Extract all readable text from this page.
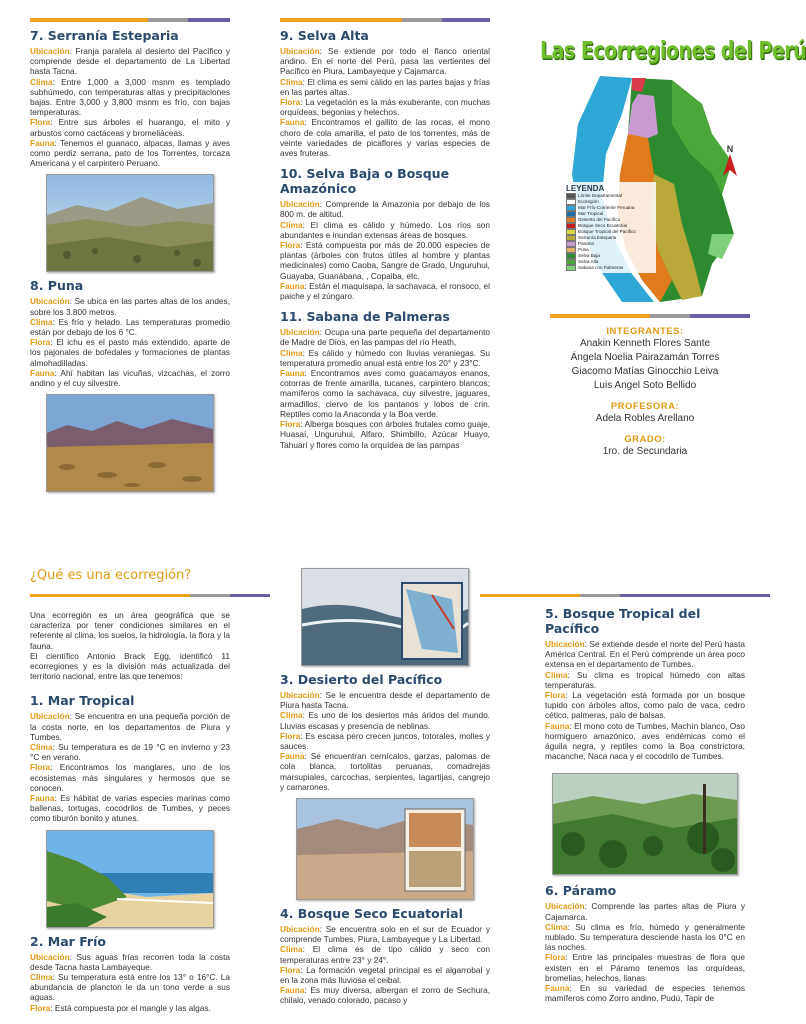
7. Serranía Esteparia

Ubicación: Franja paralela al desierto del Pacífico y comprende desde el departamento de La Libertad hasta Tacna.

Clima: Entre 1,000 a 3,000 msnm es templado subhúmedo, con temperaturas altas y precipitaciones bajas. Entre 3,000 y 3,800 msnm es frío, con bajas temperaturas.

Flora: Entre sus árboles el huarango, el mito y arbustos como cactáceas y bromeliáceas.

Fauna: Tenemos el guanaco, alpacas, llamas y aves como perdiz serrana, pato de los Torrentes, torcaza Americana y el carpintero Peruano.

8. Puna

Ubicación: Se ubica en las partes altas de los andes, sobre los 3.800 metros.

Clima: Es frío y helado. Las temperaturas promedio están por debajo de los 6 °C.

Flora: El ichu es el pasto más extendido, aparte de los pajonales de bofedales y formaciones de plantas almohadilladas.

Fauna: Ahí habitan las vicuñas, vizcachas, el zorro andino y el cuy silvestre.

9. Selva Alta

Ubicación: Se extiende por todo el flanco oriental andino. En el norte del Perú, pasa las vertientes del Pacífico en Piura, Lambayeque y Cajamarca.

Clima: El clima es semi cálido en las partes bajas y frías en las partes altas.

Flora: La vegetación es la más exuberante, con muchas orquídeas, begonias y helechos.

Fauna: Encontramos el gallito de las rocas, el mono choro de cola amarilla, el pato de los torrentes, más de veinte variedades de picaflores y varias especies de aves fruteras.

10. Selva Baja o Bosque Amazónico

Ubicación: Comprende la Amazonía por debajo de los 800 m. de altitud.

Clima: El clima es cálido y húmedo. Los ríos son abundantes e inundan extensas áreas de bosques.

Flora: Está compuesta por más de 20.000 especies de plantas (árboles con frutos útiles al hombre y plantas medicinales) como Caoba, Sangre de Grado, Unguruhui, Guayaba, Guanábana, , Copaiba, etc.

Fauna: Están el maquisapa, la sachavaca, el ronsoco, el paiche y el zúngaro.

11. Sabana de Palmeras

Ubicación: Ocupa una parte pequeña del departamento de Madre de Dios, en las pampas del río Heath,

Clima: Es cálido y húmedo con lluvias veraniegas. Su temperatura promedio anual está entre los 20° y 23°C.

Fauna: Encontramos aves como guacamayos enanos, cotorras de frente amarilla, tucanes, carpintero blancos; mamíferos como la sachavaca, cuy silvestre, jaguares, armadillos, ciervo de los pantanos y lobos de crin. Reptiles como la Anaconda y la Boa verde.

Flora: Alberga bosques con árboles frutales como guaje, Huasaí, Unguruhui, Alfaro, Shimbillo, Azúcar Huayo, Tahuarí y flores como la orquídea de las pampas

Las Ecorregiones del Perú
N
LEYENDA
Límite Departamental
Ecoregión
Mar Frío-Corriente Peruana
Mar Tropical
Desierto del Pacífico
Bosque Seco Ecuatorial
Bosque Tropical del Pacífico
Serranía Esteparia
Páramo
Puna
Selva Baja
Selva Alta
Sabana con Palmeras
INTEGRANTES:
Anakin Kenneth Flores Sante
Ángela Noelia Pairazamán Torres
Giacomo Matías Ginocchio Leiva
Luis Angel Soto Bellido
PROFESORA:
Adela Robles Arellano
GRADO:
1ro. de Secundaria
¿Qué es una ecorregión?

Una ecorregión es un área geográfica que se caracteriza por tener condiciones similares en el referente al clima, los suelos, la hidrología, la flora y la fauna.

El científico Antonio Brack Egg, identificó 11 ecorregiones y es la división más actualizada del territorio nacional, entre las que tenemos:

1. Mar Tropical

Ubicación: Se encuentra en una pequeña porción de la costa norte, en los departamentos de Piura y Tumbes.

Clima: Su temperatura es de 19 °C en invierno y 23 °C en verano.

Flora: Encontramos los manglares, uno de los ecosistemas más singulares y hermosos que se conocen.

Fauna: Es hábitat de varias especies marinas como ballenas, tortugas, cocodrilos de Tumbes, y peces como tiburón bonito y atunes.

2. Mar Frío

Ubicación: Sus aguas frías recorren toda la costa desde Tacna hasta Lambayeque.

Clima: Su temperatura está entre los 13° o 16°C. La abundancia de plancton le da un tono verde a sus aguas.

Flora: Está compuesta por el mangle y las algas.

3. Desierto del Pacífico

Ubicación: Se le encuentra desde el departamento de Piura hasta Tacna.

Clima: Es uno de los desiertos más áridos del mundo. Lluvias escasas y presencia de neblinas.

Flora: Es escasa pero crecen juncos, totorales, molles y sauces.

Fauna: Se encuentran cernícalos, garzas, palomas de cola blanca, tortolitas peruanas, comadrejas marsupiales, carcochas, serpientes, lagartijas, cangrejo y camarones.

4. Bosque Seco Ecuatorial

Ubicación: Se encuentra solo en el sur de Ecuador y comprende Tumbes, Piura, Lambayeque y La Libertad.

Clima: El clima es de tipo cálido y seco con temperaturas entre 23° y 24°.

Flora: La formación vegetal principal es el algarrobal y en la zona más lluviosa el ceibal.

Fauna: Es muy diversa, albergan el zorro de Sechura, chilalo, venado colorado, pacaso y

5. Bosque Tropical del Pacífico

Ubicación: Se extiende desde el norte del Perú hasta América Central. En el Perú comprende un área poco extensa en el departamento de Tumbes.

Clima: Su clima es tropical húmedo con altas temperaturas.

Flora: La vegetación está formada por un bosque tupido con árboles altos, como palo de vaca, cedro cético, palmeras, palo de balsas.

Fauna: El mono coto de Tumbes, Machín blanco, Oso hormiguero amazónico, aves endémicas como el águila negra, y reptiles como la Boa constrictora, macanche, Naca naca y el cocodrilo de Tumbes.

6. Páramo

Ubicación: Comprende las partes altas de Piura y Cajamarca.

Clima: Su clima es frío, húmedo y generalmente nublado. Su temperatura desciende hasta los 0°C en las noches.

Flora: Entre las principales muestras de flora que existen en el Páramo tenemos las orquídeas, bromelias, helechos, lianas.

Fauna: En su variedad de especies tenemos mamíferos como Zorro andino, Pudú, Tapir de
